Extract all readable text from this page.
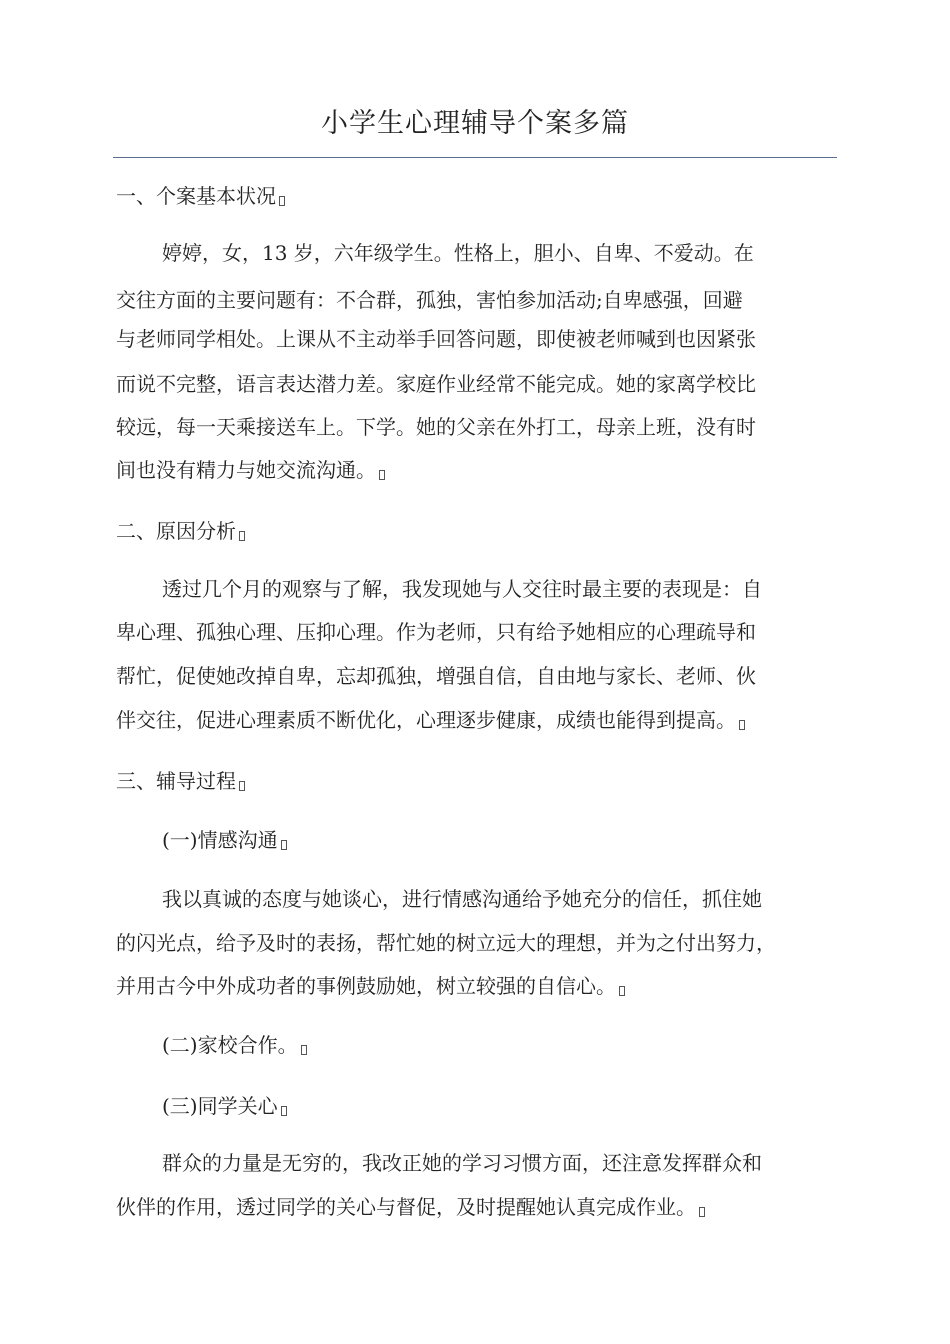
小学生心理辅导个案多篇
一、个案基本状况
婷婷，女，13 岁，六年级学生。性格上，胆小、自卑、不爱动。在
交往方面的主要问题有：不合群，孤独，害怕参加活动;自卑感强，回避
与老师同学相处。上课从不主动举手回答问题，即使被老师喊到也因紧张
而说不完整，语言表达潜力差。家庭作业经常不能完成。她的家离学校比
较远，每一天乘接送车上。下学。她的父亲在外打工，母亲上班，没有时
间也没有精力与她交流沟通。
二、原因分析
透过几个月的观察与了解，我发现她与人交往时最主要的表现是：自
卑心理、孤独心理、压抑心理。作为老师，只有给予她相应的心理疏导和
帮忙，促使她改掉自卑，忘却孤独，增强自信，自由地与家长、老师、伙
伴交往，促进心理素质不断优化，心理逐步健康，成绩也能得到提高。
三、辅导过程
(一)情感沟通
我以真诚的态度与她谈心，进行情感沟通给予她充分的信任，抓住她
的闪光点，给予及时的表扬，帮忙她的树立远大的理想，并为之付出努力，
并用古今中外成功者的事例鼓励她，树立较强的自信心。
(二)家校合作。
(三)同学关心
群众的力量是无穷的，我改正她的学习习惯方面，还注意发挥群众和
伙伴的作用，透过同学的关心与督促，及时提醒她认真完成作业。
